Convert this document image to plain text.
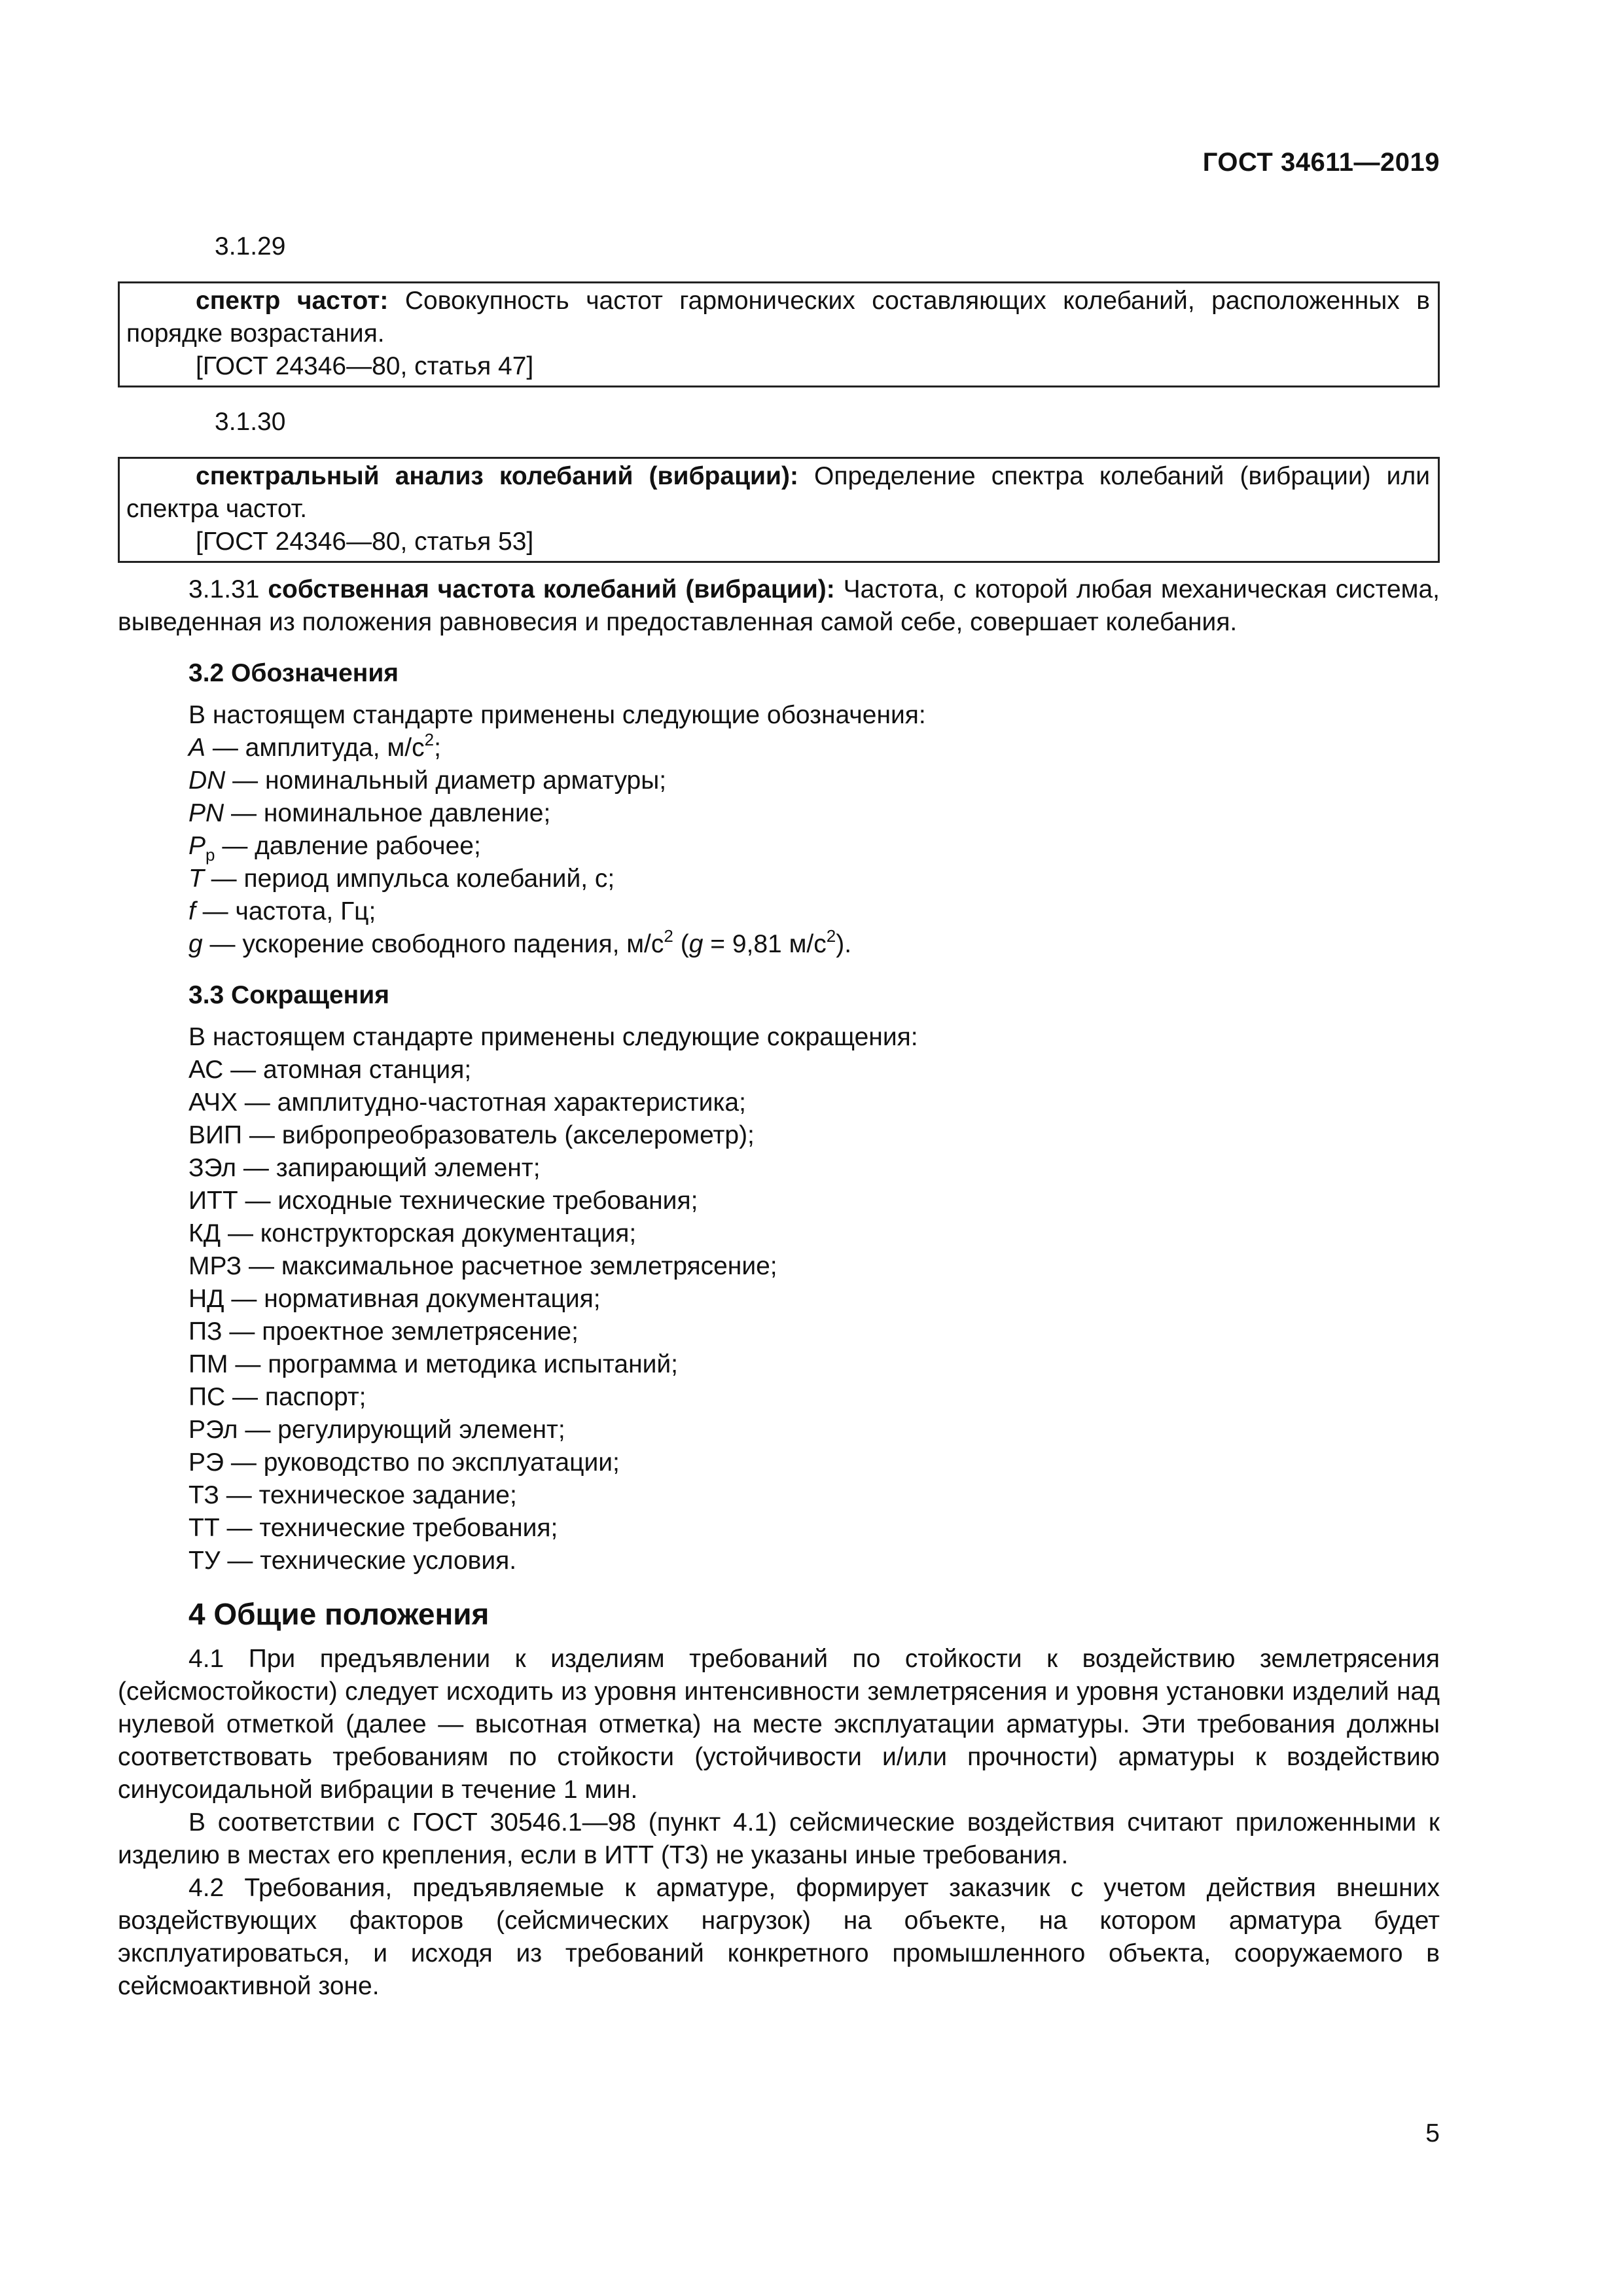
ГОСТ 34611—2019

3.1.29

спектр частот: Совокупность частот гармонических составляющих колебаний, расположенных в порядке возрастания.

[ГОСТ 24346—80, статья 47]

3.1.30

спектральный анализ колебаний (вибрации): Определение спектра колебаний (вибрации) или спектра частот.

[ГОСТ 24346—80, статья 53]

3.1.31 собственная частота колебаний (вибрации): Частота, с которой любая механическая система, выведенная из положения равновесия и предоставленная самой себе, совершает колебания.

3.2 Обозначения

В настоящем стандарте применены следующие обозначения:
A — амплитуда, $м/с^2$;
DN — номинальный диаметр арматуры;
PN — номинальное давление;
$P_р$ — давление рабочее;
T — период импульса колебаний, с;
f — частота, Гц;
g — ускорение свободного падения, $м/с^2$ (g = 9,81 $м/с^2$).

3.3 Сокращения

В настоящем стандарте применены следующие сокращения:
АС — атомная станция;
АЧХ — амплитудно-частотная характеристика;
ВИП — вибропреобразователь (акселерометр);
ЗЭл — запирающий элемент;
ИТТ — исходные технические требования;
КД — конструкторская документация;
МРЗ — максимальное расчетное землетрясение;
НД — нормативная документация;
ПЗ — проектное землетрясение;
ПМ — программа и методика испытаний;
ПС — паспорт;
РЭл — регулирующий элемент;
РЭ — руководство по эксплуатации;
ТЗ — техническое задание;
ТТ — технические требования;
ТУ — технические условия.

4 Общие положения

4.1 При предъявлении к изделиям требований по стойкости к воздействию землетрясения (сейсмостойкости) следует исходить из уровня интенсивности землетрясения и уровня установки изделий над нулевой отметкой (далее — высотная отметка) на месте эксплуатации арматуры. Эти требования должны соответствовать требованиям по стойкости (устойчивости и/или прочности) арматуры к воздействию синусоидальной вибрации в течение 1 мин.

В соответствии с ГОСТ 30546.1—98 (пункт 4.1) сейсмические воздействия считают приложенными к изделию в местах его крепления, если в ИТТ (ТЗ) не указаны иные требования.

4.2 Требования, предъявляемые к арматуре, формирует заказчик с учетом действия внешних воздействующих факторов (сейсмических нагрузок) на объекте, на котором арматура будет эксплуатироваться, и исходя из требований конкретного промышленного объекта, сооружаемого в сейсмоактивной зоне.

5
